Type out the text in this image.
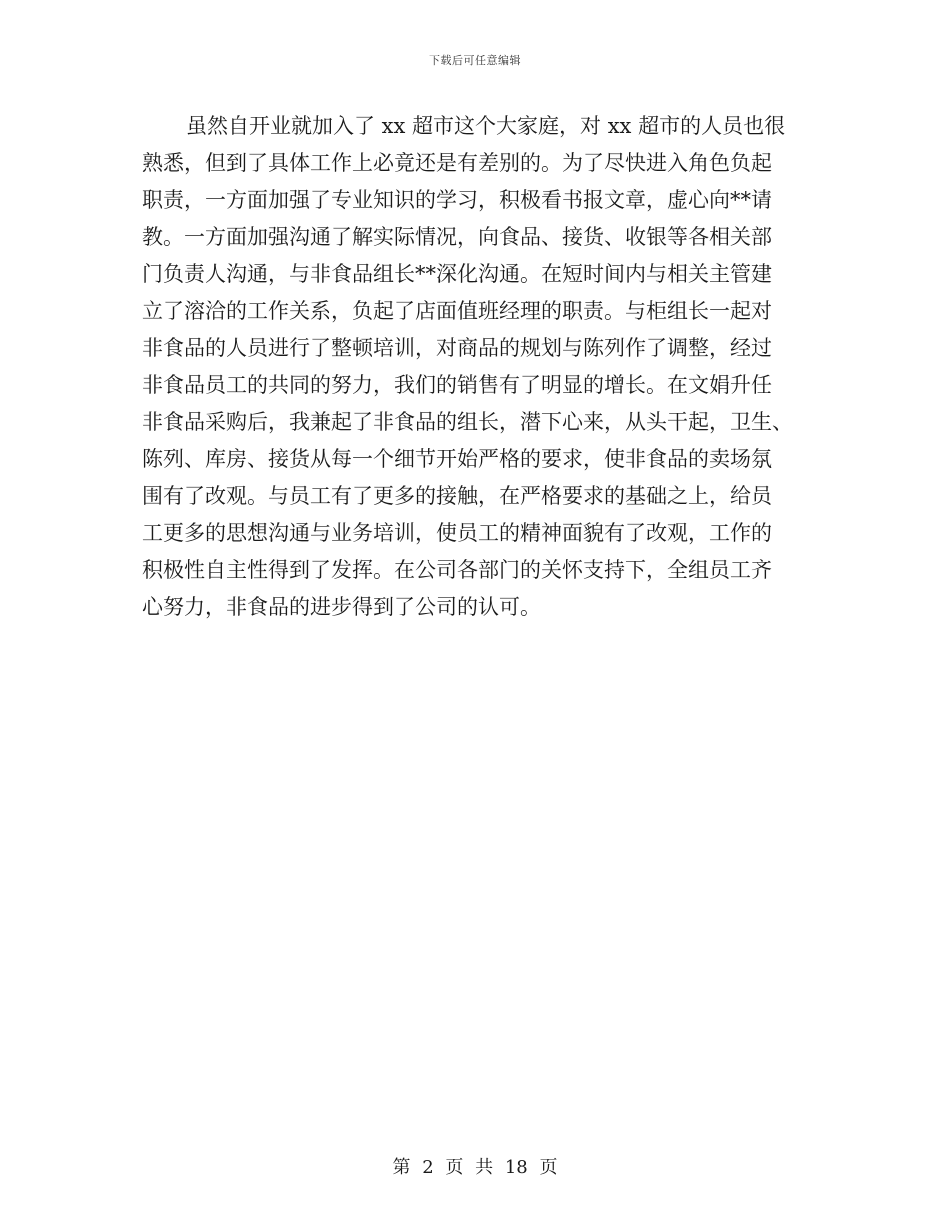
下载后可任意编辑
虽然自开业就加入了 xx 超市这个大家庭，对 xx 超市的人员也很
熟悉，但到了具体工作上必竟还是有差别的。为了尽快进入角色负起
职责，一方面加强了专业知识的学习，积极看书报文章，虚心向**请
教。一方面加强沟通了解实际情况，向食品、接货、收银等各相关部
门负责人沟通，与非食品组长**深化沟通。在短时间内与相关主管建
立了溶洽的工作关系，负起了店面值班经理的职责。与柜组长一起对
非食品的人员进行了整顿培训，对商品的规划与陈列作了调整，经过
非食品员工的共同的努力，我们的销售有了明显的增长。在文娟升任
非食品采购后，我兼起了非食品的组长，潜下心来，从头干起，卫生、
陈列、库房、接货从每一个细节开始严格的要求，使非食品的卖场氛
围有了改观。与员工有了更多的接触，在严格要求的基础之上，给员
工更多的思想沟通与业务培训，使员工的精神面貌有了改观，工作的
积极性自主性得到了发挥。在公司各部门的关怀支持下，全组员工齐
心努力，非食品的进步得到了公司的认可。
第 2 页 共 18 页
